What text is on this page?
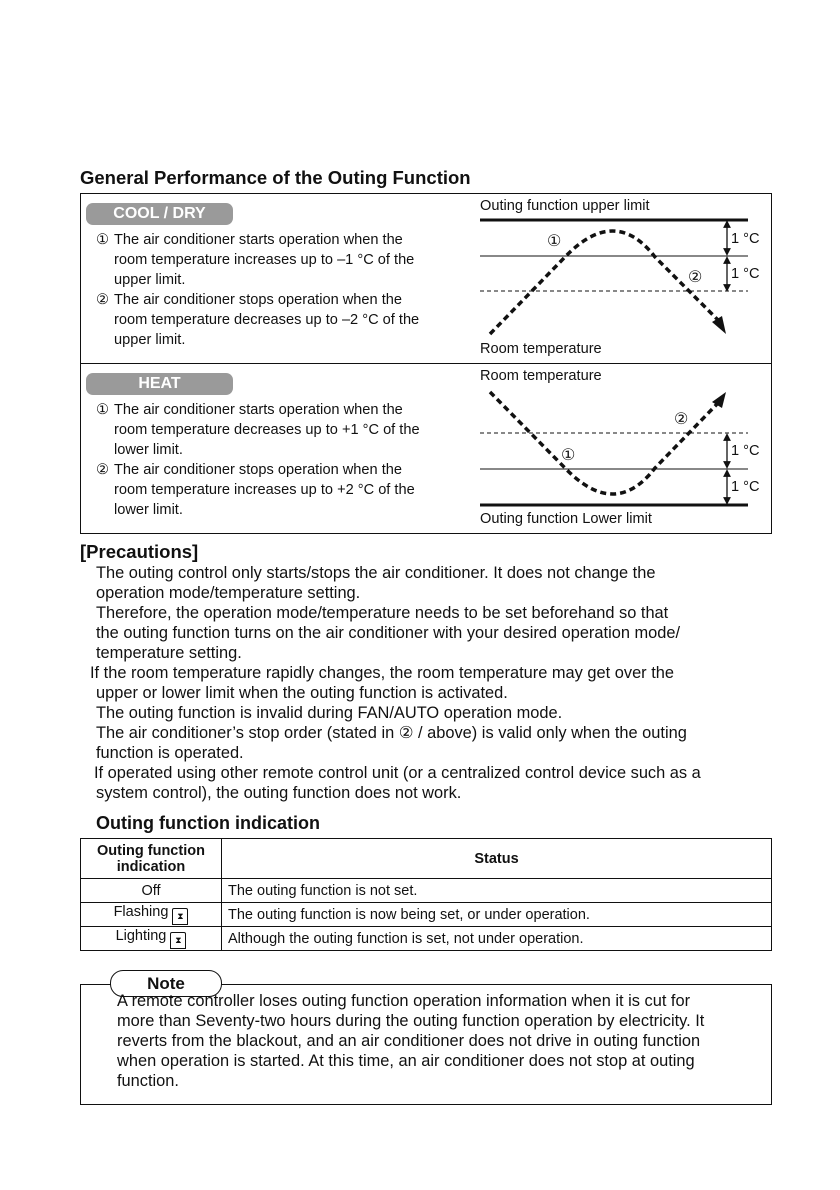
General Performance of the Outing Function
COOL / DRY
HEAT
① The air conditioner starts operation when the
room temperature increases up to –1 °C of the
upper limit.
② The air conditioner stops operation when the
room temperature decreases up to –2 °C of the
upper limit.
① The air conditioner starts operation when the
room temperature decreases up to +1 °C of the
lower limit.
② The air conditioner stops operation when the
room temperature increases up to +2 °C of the
lower limit.
Outing function upper limit
Room temperature
①
②
1 °C
1 °C
Room temperature
Outing function Lower limit
①
②
1 °C
1 °C
[Precautions]
The outing control only starts/stops the air conditioner. It does not change the
operation mode/temperature setting.
Therefore, the operation mode/temperature needs to be set beforehand so that
the outing function turns on the air conditioner with your desired operation mode/
temperature setting.
If the room temperature rapidly changes, the room temperature may get over the
upper or lower limit when the outing function is activated.
The outing function is invalid during FAN/AUTO operation mode.
The air conditioner’s stop order (stated in ② / above) is valid only when the outing
function is operated.
If operated using other remote control unit (or a centralized control device such as a
system control), the outing function does not work.
Outing function indication
Outing function indication	Status
Off	The outing function is not set.
Flashing ⧗	The outing function is now being set, or under operation.
Lighting ⧗	Although the outing function is set, not under operation.
Note
A remote controller loses outing function operation information when it is cut for
more than Seventy-two hours during the outing function operation by electricity. It
reverts from the blackout, and an air conditioner does not drive in outing function
when operation is started. At this time, an air conditioner does not stop at outing
function.
